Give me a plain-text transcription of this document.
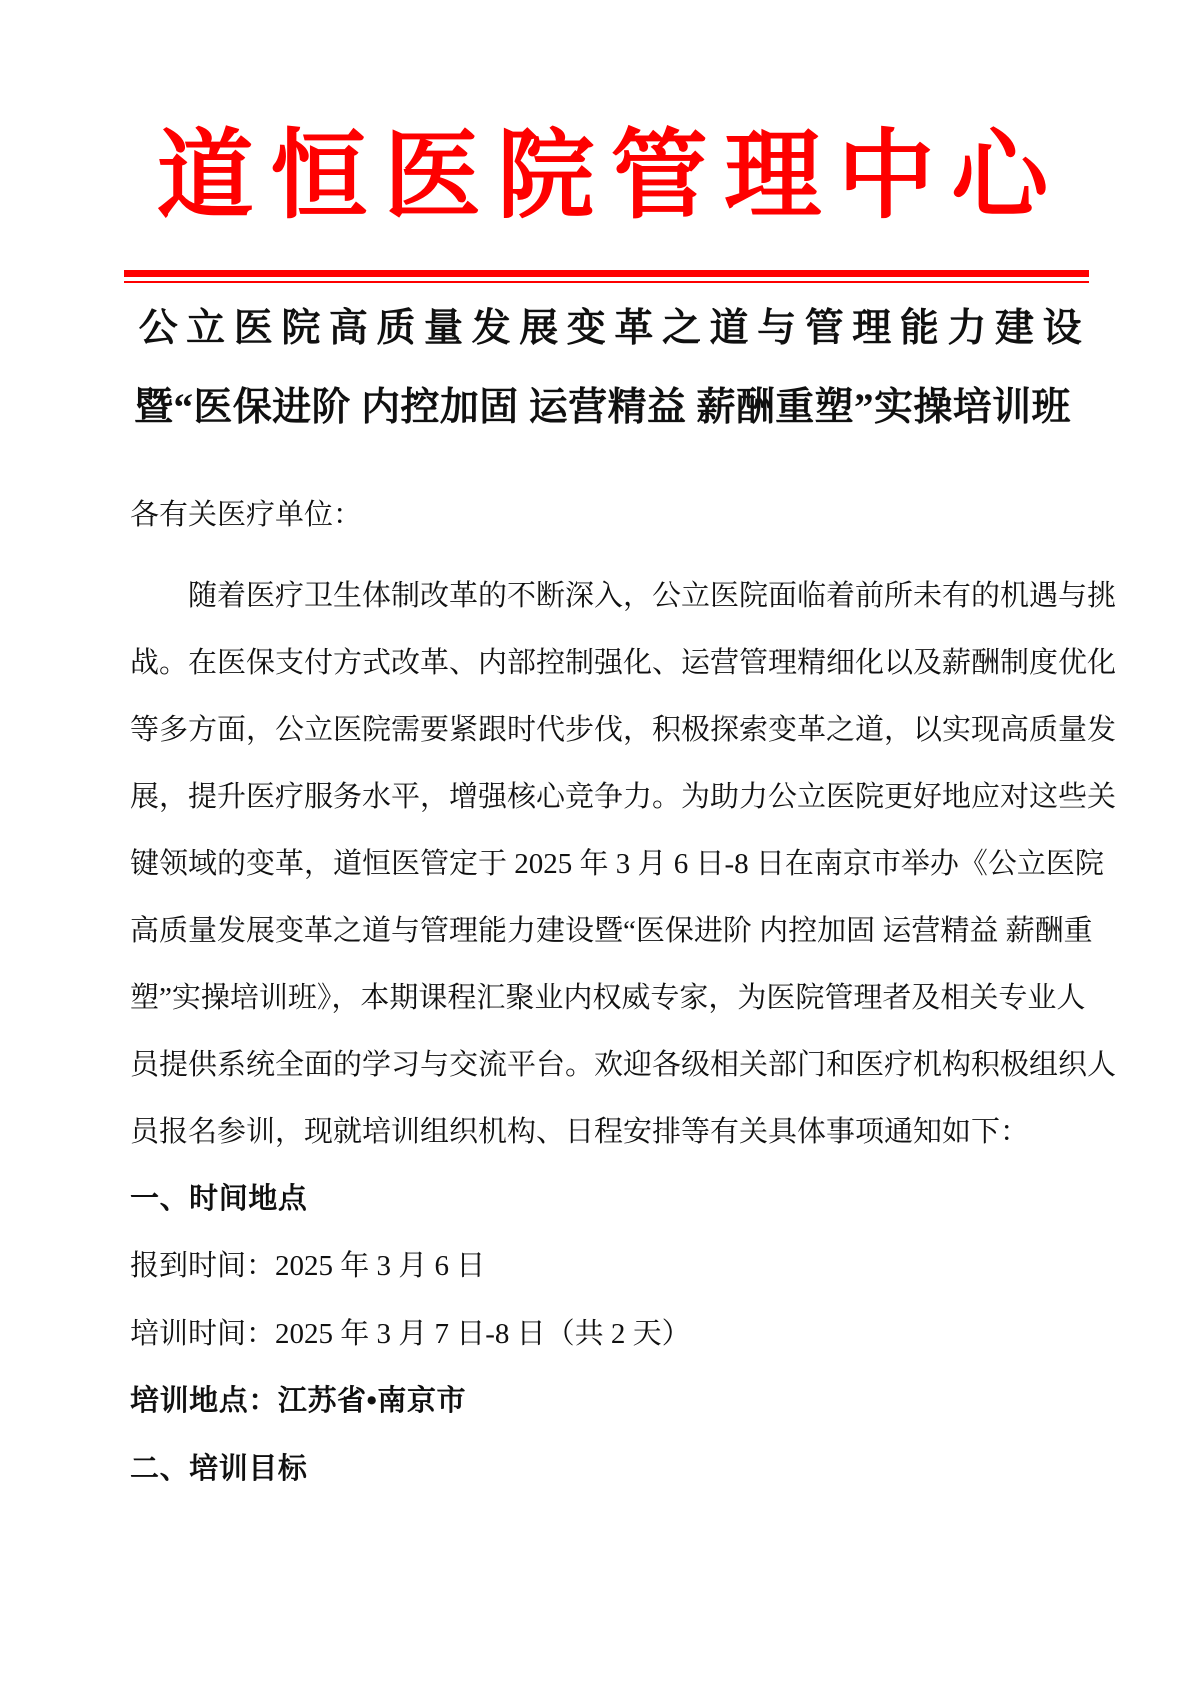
道恒医院管理中心
公立医院高质量发展变革之道与管理能力建设
暨“医保进阶 内控加固 运营精益 薪酬重塑”实操培训班
各有关医疗单位：
随着医疗卫生体制改革的不断深入，公立医院面临着前所未有的机遇与挑
战。在医保支付方式改革、内部控制强化、运营管理精细化以及薪酬制度优化
等多方面，公立医院需要紧跟时代步伐，积极探索变革之道，以实现高质量发
展，提升医疗服务水平，增强核心竞争力。为助力公立医院更好地应对这些关
键领域的变革，道恒医管定于 2025 年 3 月 6 日-8 日在南京市举办《公立医院
高质量发展变革之道与管理能力建设暨“医保进阶 内控加固 运营精益 薪酬重
塑”实操培训班》，本期课程汇聚业内权威专家，为医院管理者及相关专业人
员提供系统全面的学习与交流平台。欢迎各级相关部门和医疗机构积极组织人
员报名参训，现就培训组织机构、日程安排等有关具体事项通知如下：
一、时间地点
报到时间：2025 年 3 月 6 日
培训时间：2025 年 3 月 7 日-8 日（共 2 天）
培训地点：江苏省•南京市
二、培训目标
